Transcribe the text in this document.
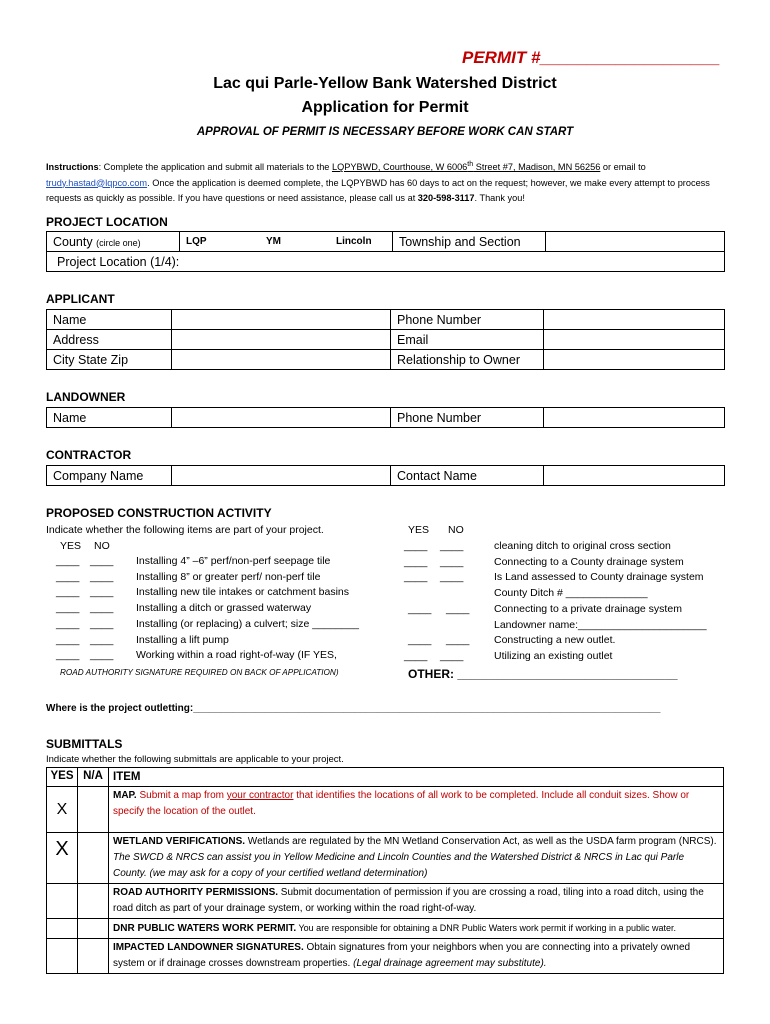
PERMIT #___________________
Lac qui Parle-Yellow Bank Watershed District
Application for Permit
APPROVAL OF PERMIT IS NECESSARY BEFORE WORK CAN START
Instructions: Complete the application and submit all materials to the LQPYBWD, Courthouse, W 6006th Street #7, Madison, MN 56256 or email to trudy.hastad@lqpco.com. Once the application is deemed complete, the LQPYBWD has 60 days to act on the request; however, we make every attempt to process requests as quickly as possible. If you have questions or need assistance, please call us at 320-598-3117. Thank you!
PROJECT LOCATION
County (circle one)	LQP	YM	Lincoln	Township and Section	
Project Location (1/4):
APPLICANT
Name		Phone Number	
Address		Email	
City State Zip		Relationship to Owner	
LANDOWNER
Name		Phone Number	
CONTRACTOR
Company Name		Contact Name	
PROPOSED CONSTRUCTION ACTIVITY
Indicate whether the following items are part of your project.
YES NO
YES NO
____ ____ Installing 4” –6” perf/non-perf seepage tile
____ ____ Installing 8” or greater perf/ non-perf tile
____ ____ Installing new tile intakes or catchment basins
____ ____ Installing a ditch or grassed waterway
____ ____ Installing (or replacing) a culvert; size ________
____ ____ Installing a lift pump
____ ____ Working within a road right-of-way (IF YES,
ROAD AUTHORITY SIGNATURE REQUIRED ON BACK OF APPLICATION)
____ ____	cleaning ditch to original cross section
____ ____	Connecting to a County drainage system
____ ____	Is Land assessed to County drainage system
County Ditch # ______________
____ ____ Connecting to a private drainage system
Landowner name:______________________
____ ____ Constructing a new outlet.
____ ____	Utilizing an existing outlet
OTHER: _________________________________
Where is the project outletting:____________________________________________________________________________________
SUBMITTALS
Indicate whether the following submittals are applicable to your project.
YES	N/A	ITEM
X		MAP. Submit a map from your contractor that identifies the locations of all work to be completed. Include all conduit sizes. Show or specify the location of the outlet.
X		WETLAND VERIFICATIONS. Wetlands are regulated by the MN Wetland Conservation Act, as well as the USDA farm program (NRCS). The SWCD & NRCS can assist you in Yellow Medicine and Lincoln Counties and the Watershed District & NRCS in Lac qui Parle County. (we may ask for a copy of your certified wetland determination)
		ROAD AUTHORITY PERMISSIONS. Submit documentation of permission if you are crossing a road, tiling into a road ditch, using the road ditch as part of your drainage system, or working within the road right-of-way.
		DNR PUBLIC WATERS WORK PERMIT. You are responsible for obtaining a DNR Public Waters work permit if working in a public water.
		IMPACTED LANDOWNER SIGNATURES. Obtain signatures from your neighbors when you are connecting into a privately owned system or if drainage crosses downstream properties. (Legal drainage agreement may substitute).
